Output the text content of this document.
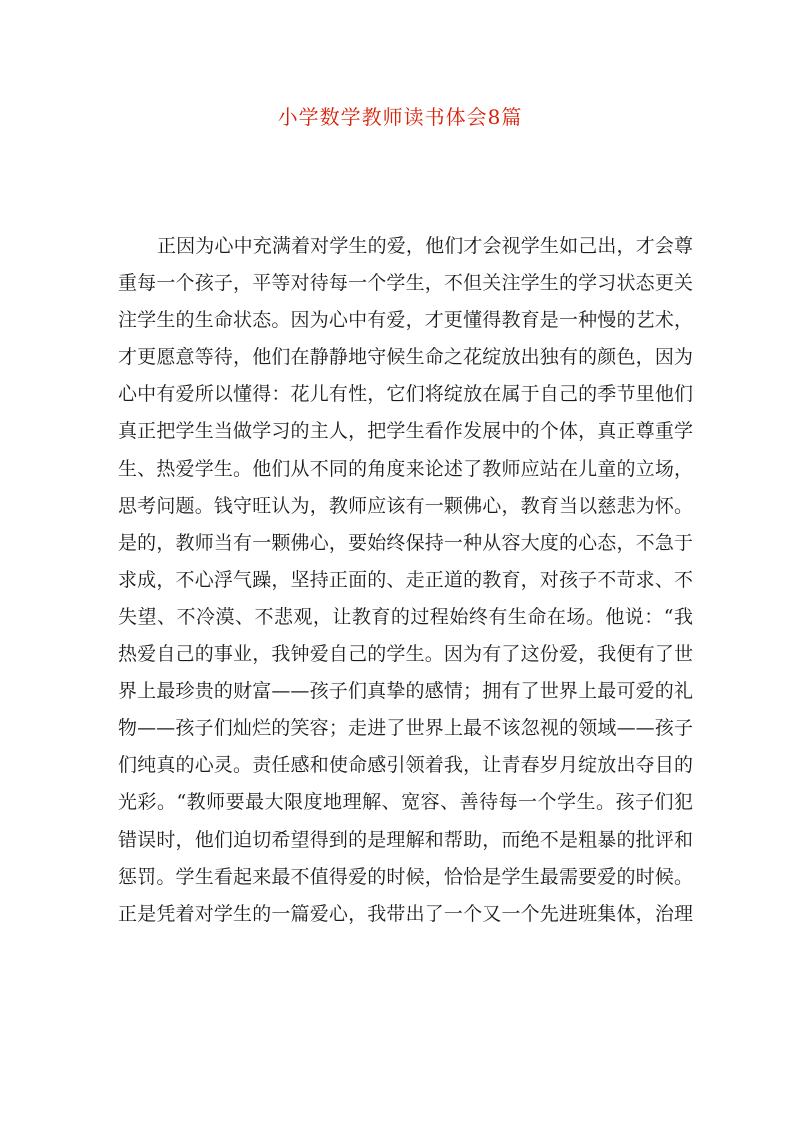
小学数学教师读书体会8篇
正因为心中充满着对学生的爱，他们才会视学生如己出，才会尊
重每一个孩子，平等对待每一个学生，不但关注学生的学习状态更关
注学生的生命状态。因为心中有爱，才更懂得教育是一种慢的艺术，
才更愿意等待，他们在静静地守候生命之花绽放出独有的颜色，因为
心中有爱所以懂得：花儿有性，它们将绽放在属于自己的季节里他们
真正把学生当做学习的主人，把学生看作发展中的个体，真正尊重学
生、热爱学生。他们从不同的角度来论述了教师应站在儿童的立场，
思考问题。钱守旺认为，教师应该有一颗佛心，教育当以慈悲为怀。
是的，教师当有一颗佛心，要始终保持一种从容大度的心态，不急于
求成，不心浮气躁，坚持正面的、走正道的教育，对孩子不苛求、不
失望、不冷漠、不悲观，让教育的过程始终有生命在场。他说：“我
热爱自己的事业，我钟爱自己的学生。因为有了这份爱，我便有了世
界上最珍贵的财富——孩子们真挚的感情；拥有了世界上最可爱的礼
物——孩子们灿烂的笑容；走进了世界上最不该忽视的领域——孩子
们纯真的心灵。责任感和使命感引领着我，让青春岁月绽放出夺目的
光彩。“教师要最大限度地理解、宽容、善待每一个学生。孩子们犯
错误时，他们迫切希望得到的是理解和帮助，而绝不是粗暴的批评和
惩罚。学生看起来最不值得爱的时候，恰恰是学生最需要爱的时候。
正是凭着对学生的一篇爱心，我带出了一个又一个先进班集体，治理
